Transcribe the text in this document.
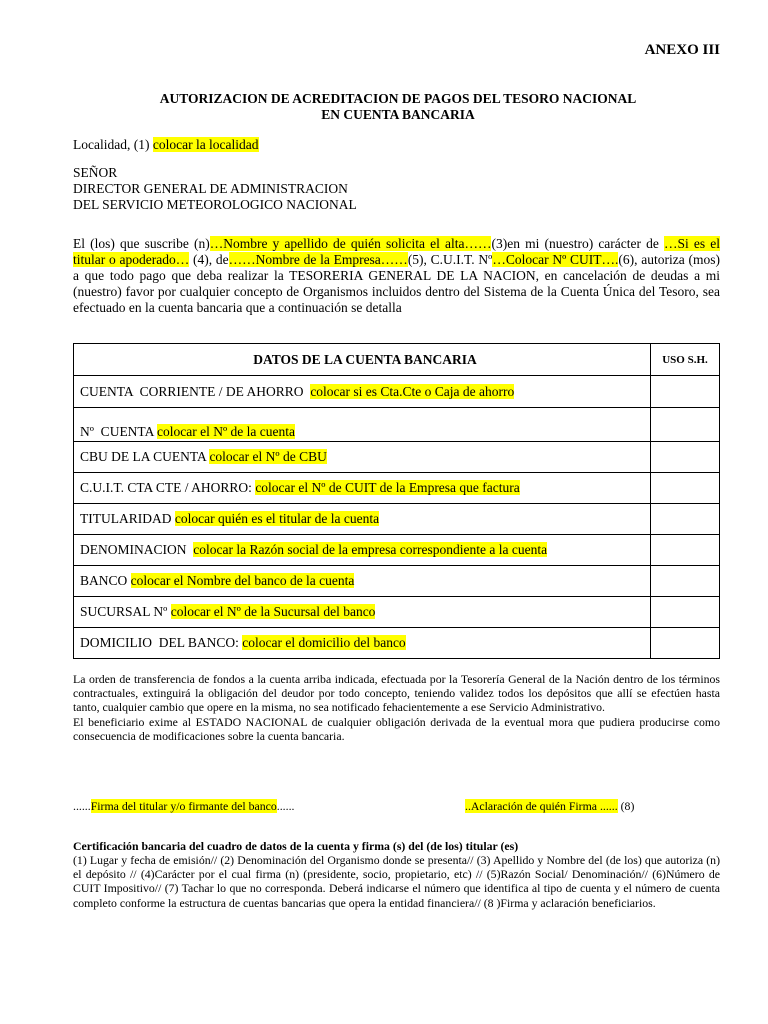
ANEXO III
AUTORIZACION DE ACREDITACION DE PAGOS DEL TESORO NACIONAL
EN CUENTA BANCARIA
Localidad, (1) colocar la localidad
SEÑOR
DIRECTOR GENERAL DE ADMINISTRACION
DEL SERVICIO METEOROLOGICO NACIONAL
El (los) que suscribe (n)…Nombre y apellido de quién solicita el alta……(3)en mi (nuestro) carácter de …Si es el titular o apoderado… (4), de……Nombre de la Empresa……(5), C.U.I.T. Nº…Colocar Nº CUIT….(6), autoriza (mos) a que todo pago que deba realizar la TESORERIA GENERAL DE LA NACION, en cancelación de deudas a mi (nuestro) favor por cualquier concepto de Organismos incluidos dentro del Sistema de la Cuenta Única del Tesoro, sea efectuado en la cuenta bancaria que a continuación se detalla
DATOS DE LA CUENTA BANCARIA	USO S.H.
CUENTA  CORRIENTE / DE AHORRO  colocar si es Cta.Cte o Caja de ahorro	
Nº  CUENTA colocar el Nº de la cuenta	
CBU DE LA CUENTA colocar el Nº de CBU	
C.U.I.T. CTA CTE / AHORRO: colocar el Nº de CUIT de la Empresa que factura	
TITULARIDAD colocar quién es el titular de la cuenta	
DENOMINACION  colocar la Razón social de la empresa correspondiente a la cuenta	
BANCO colocar el Nombre del banco de la cuenta	
SUCURSAL Nº colocar el Nº de la Sucursal del banco	
DOMICILIO  DEL BANCO: colocar el domicilio del banco	

La orden de transferencia de fondos a la cuenta arriba indicada, efectuada por la Tesorería General de la Nación dentro de los términos contractuales, extinguirá la obligación del deudor por todo concepto, teniendo validez todos los depósitos que allí se efectúen hasta tanto, cualquier cambio que opere en la misma, no sea notificado fehacientemente a ese Servicio Administrativo.

El beneficiario exime al ESTADO NACIONAL de cualquier obligación derivada de la eventual mora que pudiera producirse como consecuencia de modificaciones sobre la cuenta bancaria.

......Firma del titular y/o firmante del banco......	..Aclaración de quién Firma ...... (8)
Certificación bancaria del cuadro de datos de la cuenta y firma (s) del (de los) titular (es)
(1) Lugar y fecha de emisión// (2) Denominación del Organismo donde se presenta// (3) Apellido y Nombre del (de los) que autoriza (n) el depósito // (4)Carácter por el cual firma (n) (presidente, socio, propietario, etc) // (5)Razón Social/ Denominación// (6)Número de CUIT Impositivo// (7) Tachar lo que no corresponda. Deberá indicarse el número que identifica al tipo de cuenta y el número de cuenta completo conforme la estructura de cuentas bancarias que opera la entidad financiera// (8 )Firma y aclaración beneficiarios.
